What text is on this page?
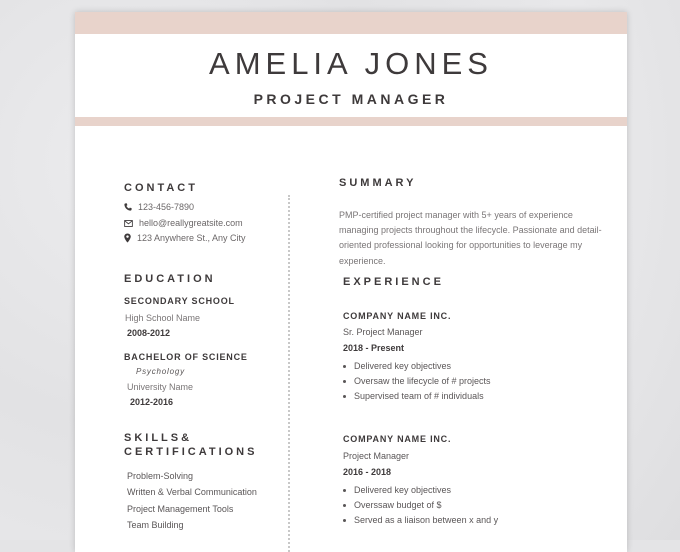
AMELIA JONES
PROJECT MANAGER
CONTACT
123-456-7890
hello@reallygreatsite.com
123 Anywhere St., Any City
EDUCATION
SECONDARY SCHOOL
High School Name
2008-2012
BACHELOR OF SCIENCE
Psychology
University Name
2012-2016
SKILLS&
CERTIFICATIONS
Problem-Solving
Written & Verbal Communication
Project Management Tools
Team Building
SUMMARY
PMP-certified project manager with 5+ years of experience managing projects throughout the lifecycle. Passionate and detail-oriented professional looking for opportunities to leverage my experience.
EXPERIENCE
COMPANY NAME INC.
Sr. Project Manager
2018 - Present
Delivered key objectives
Oversaw the lifecycle of # projects
Supervised team of # individuals
COMPANY NAME INC.
Project Manager
2016 - 2018
Delivered key objectives
Overssaw budget of $
Served as a liaison between x and y
